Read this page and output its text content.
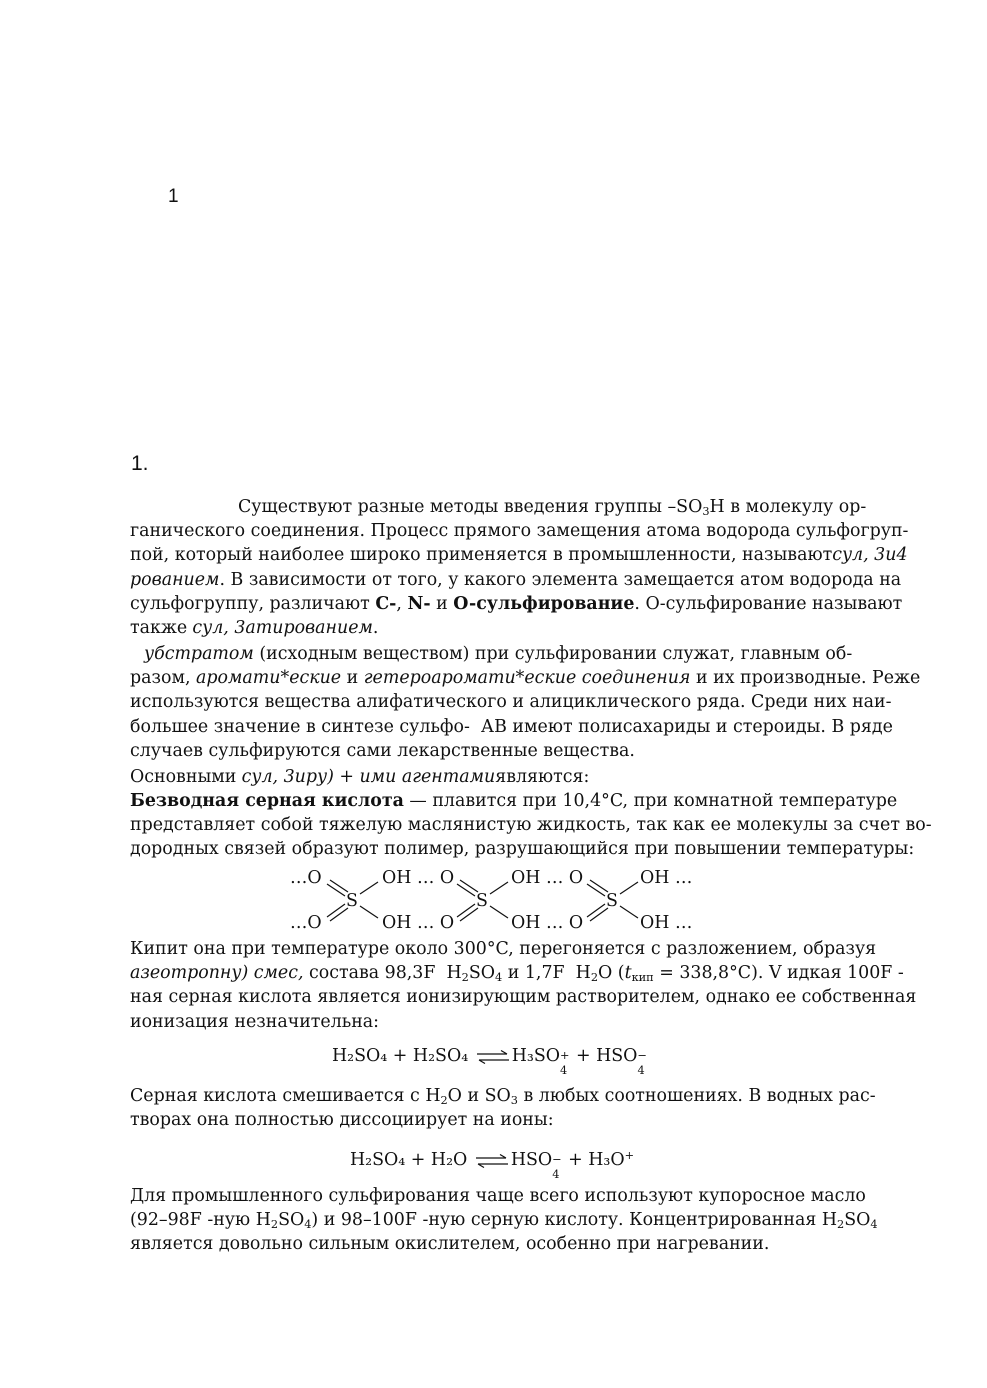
1
1.
Существуют разные методы введения группы $-SO_3H$ в молекулу ор-
ганического соединения. Процесс прямого замещения атома водорода сульфогруп-
пой, который наиболее широко применяется в промышленности, называют сул, 3и4
рованием. В зависимости от того, у какого элемента замещается атом водорода на
сульфогруппу, различают C-, N- и O-сульфирование. О-сульфирование называют
также сул, 3атированием.
убстратом (исходным веществом) при сульфировании служат, главным об-
разом, аромати*еские и гетероаромати*еские соединения и их производные. Реже
используются вещества алифатического и алициклического ряда. Среди них наи-
большее значение в синтезе сульфо-  АВ имеют полисахариды и стероиды. В ряде
случаев сульфируются сами лекарственные вещества.
Основными сул, 3иру) + ими агентами являются:
Безводная серная кислота — плавится при 10,4°C, при комнатной температуре
представляет собой тяжелую маслянистую жидкость, так как ее молекулы за счет во-
дородных связей образуют полимер, разрушающийся при повышении температуры:
…O
…O
S
OH … O
OH … O
S
OH … O
OH … O
S
OH …
OH …
Кипит она при температуре около 300°C, перегоняется с разложением, образуя
азеотропну) смес, состава 98,3F  $H_2SO_4$ и 1,7F  $H_2O$ $(t_{кип} = 338,8^\circ C)$. V идкая 100F -
ная серная кислота является ионизирующим растворителем, однако ее собственная
ионизация незначительна:
H₂SO₄ + H₂SO₄ ⇌ H₃SO +
4
+ HSO −
4
Серная кислота смешивается с $H_2O$ и $SO_3$ в любых соотношениях. В водных рас-
творах она полностью диссоциирует на ионы:
H₂SO₄ + H₂O ⇌ HSO −
4
+ H₃O+
Для промышленного сульфирования чаще всего используют купоросное масло
(92–98F -ную $H_2SO_4$) и 98–100F -ную серную кислоту. Концентрированная $H_2SO_4$
является довольно сильным окислителем, особенно при нагревании.
